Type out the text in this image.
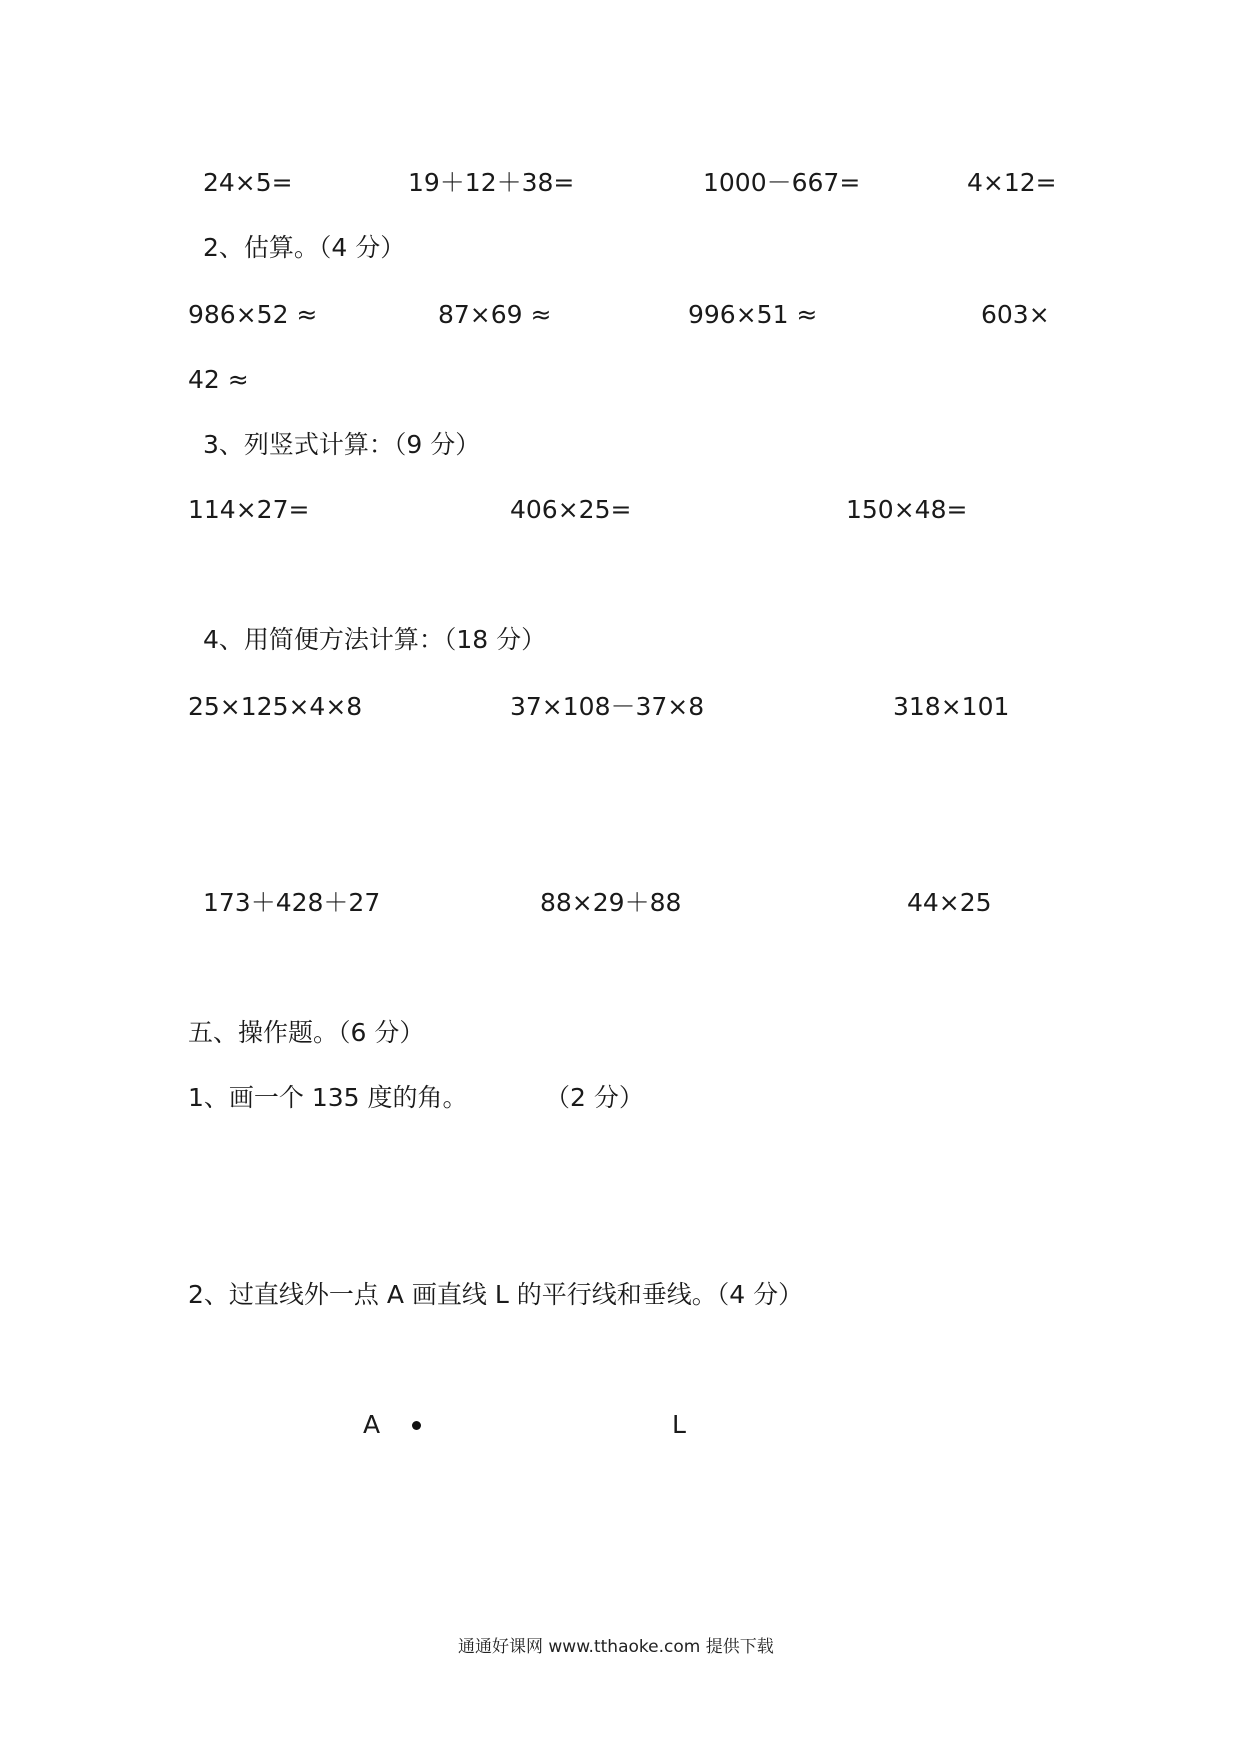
24×5=	19＋12＋38=	1000－667=	4×12=
2、估算。（4 分）
986×52 ≈	87×69 ≈	996×51 ≈	603×
42 ≈
3、列竖式计算：（9 分）
114×27=	406×25=	150×48=
4、用简便方法计算：（18 分）
25×125×4×8	37×108－37×8	318×101
173＋428＋27	88×29＋88	44×25
五、操作题。（6 分）
1、画一个 135 度的角。	（2 分）
2、过直线外一点 A 画直线 L 的平行线和垂线。（4 分）
A	L
通通好课网 www.tthaoke.com 提供下载
